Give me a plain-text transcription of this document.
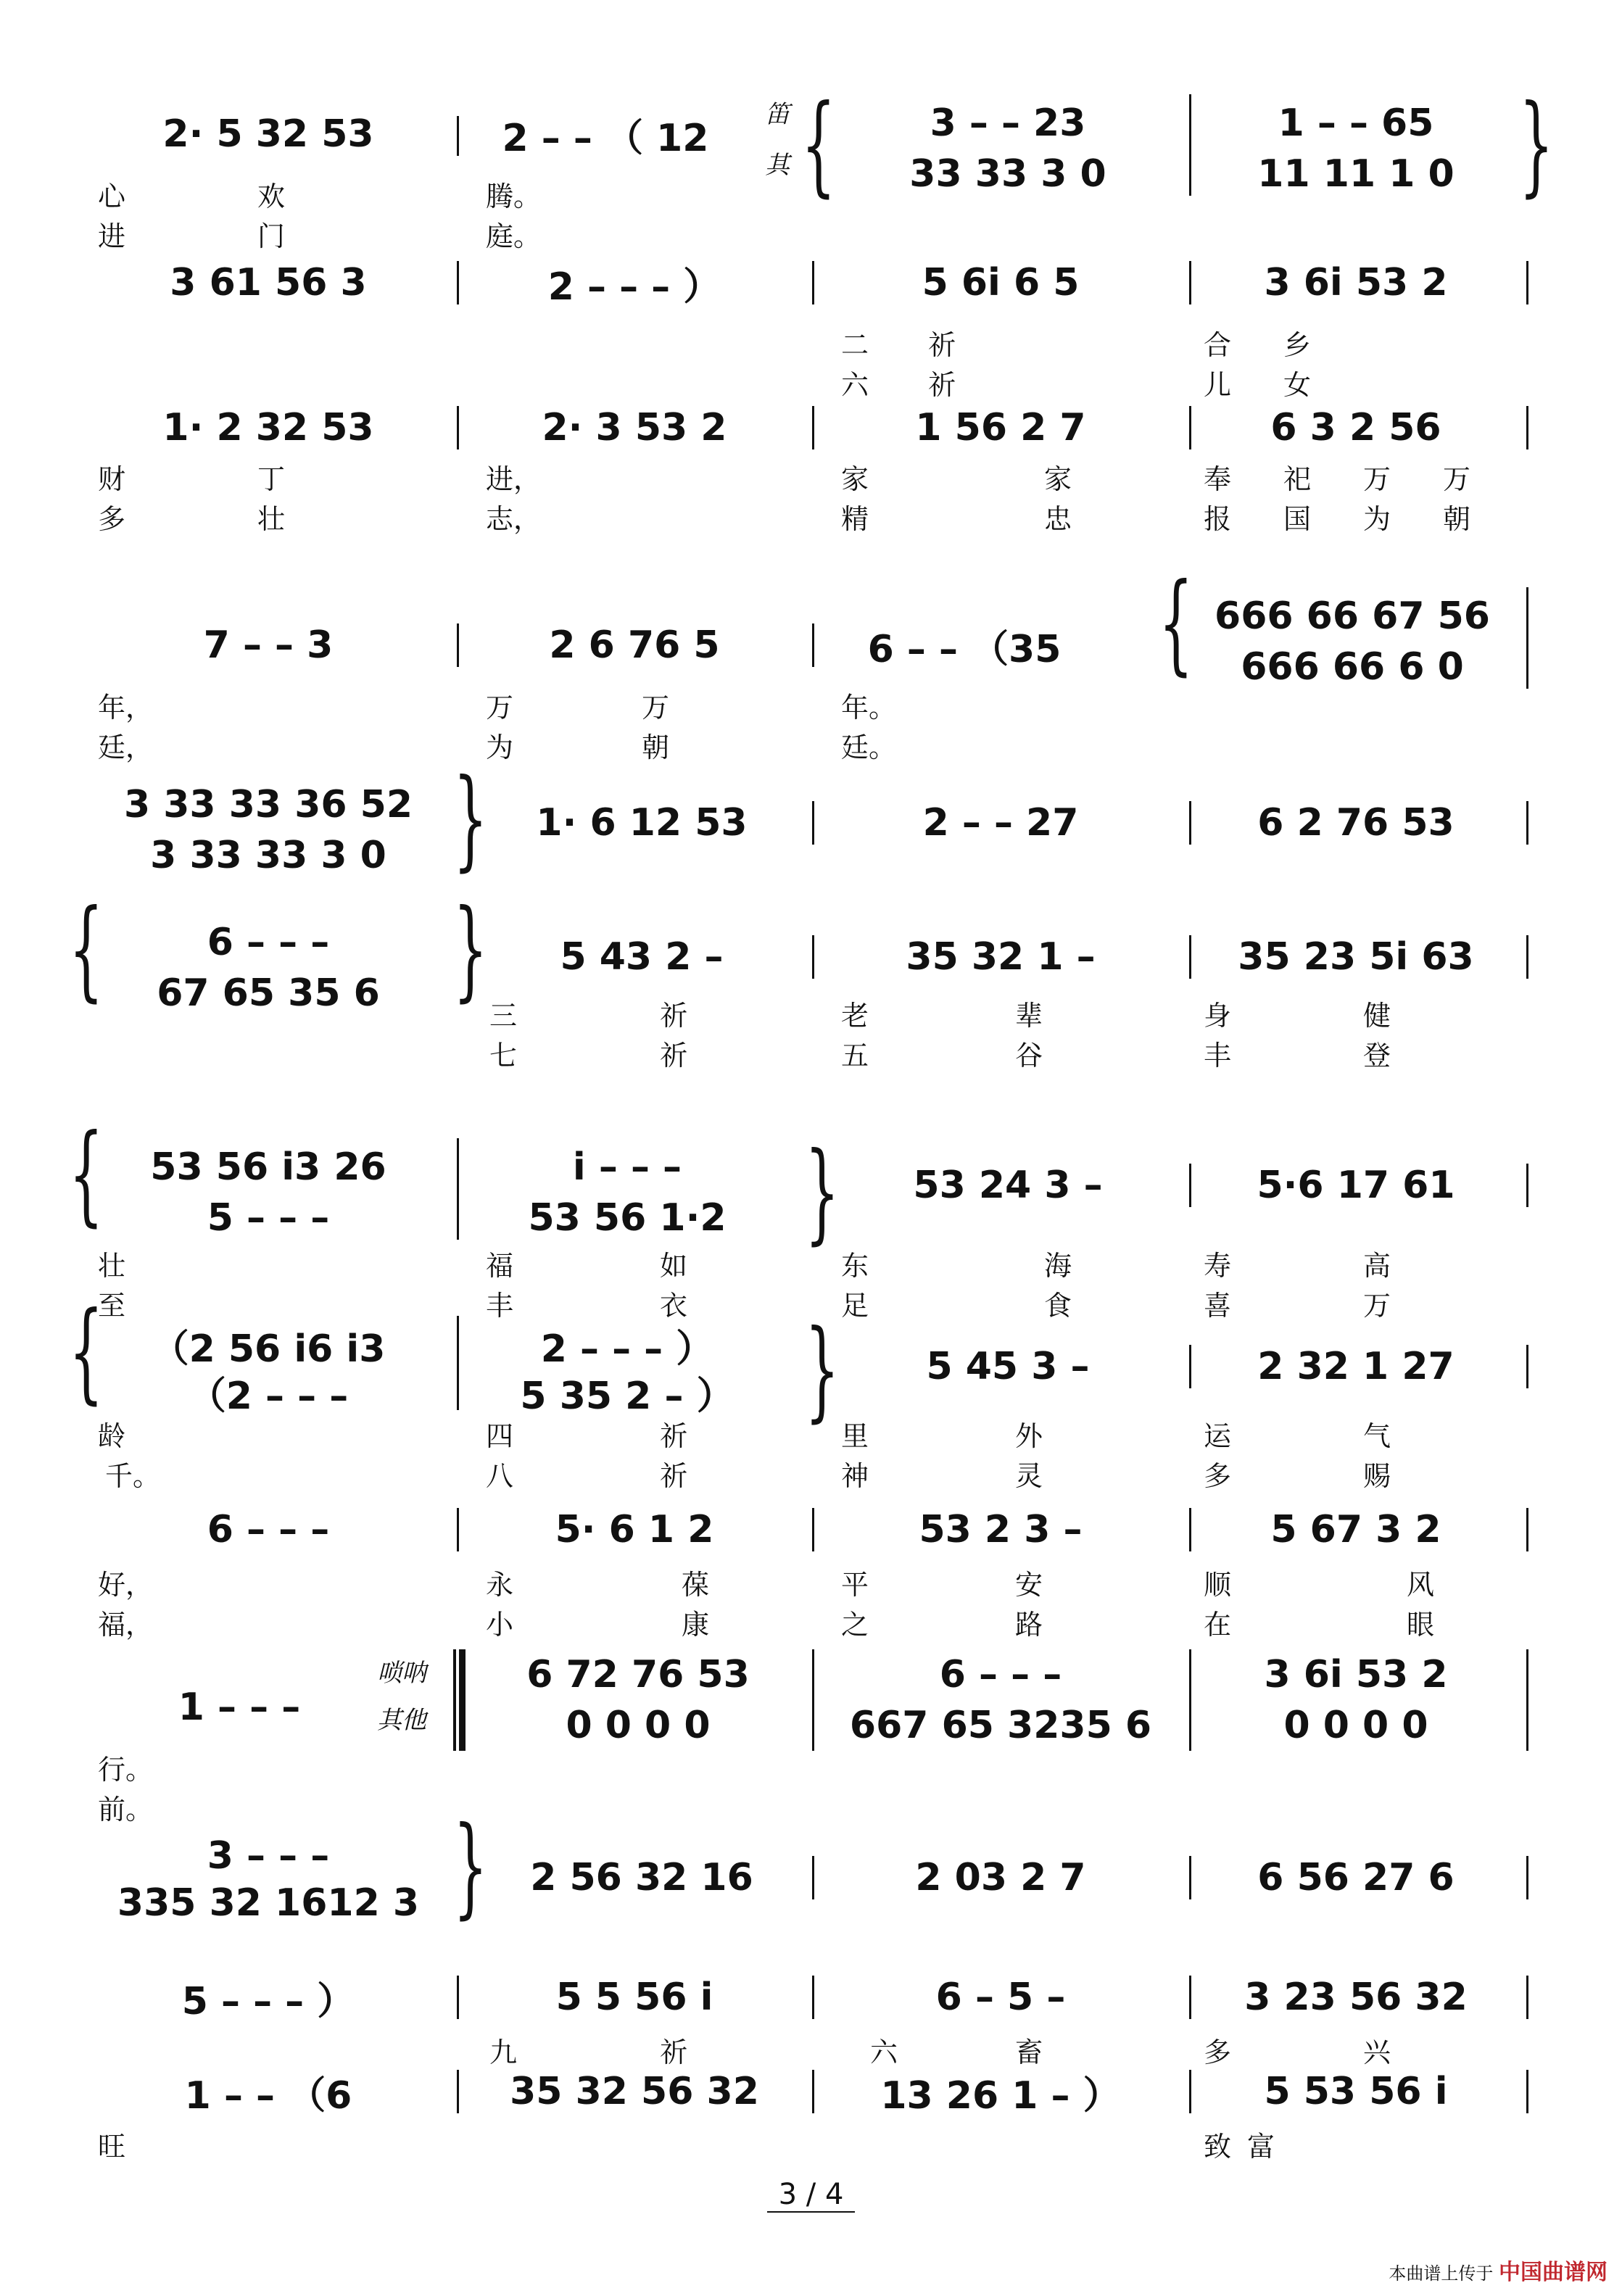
2· 5 32 53	2 – – （ 12
笛
其 {	3 – – 23	1 – – 65 }
33 33 3 0	11 11 1 0
心	欢	腾。
进	门	庭。
3 61 56 3	2 – – – ）	5 6i 6 5	3 6i 53 2
二 祈	合 乡
六 祈	儿 女
1· 2 32 53	2· 3 53 2	1 56 2 7	6 3 2 56
财	丁	进，	家	家	奉 祀 万 万
多	壮	志，	精	忠	报 国 为 朝
7 – – 3	2 6 76 5	6 – – （35 { 666 66 67 56
666 66 6 0
年，	万	万	年。
廷，	为	朝	廷。
3 33 33 36 52
3 33 33 3 0 }	1· 6 12 53	2 – – 27	6 2 76 53
{	6 – – –
67 65 35 6 }	5 43 2 –	35 32 1 –	35 23 5i 63
三	祈	老	辈	身	健
七	祈	五	谷	丰	登
{	53 56 i3 26
5 – – –
i – – –
53 56 1·2 }	53 24 3 –	5·6 17 61
壮	福	如	东	海	寿	高
至	丰	衣	足	食	喜	万
{	（2 56 i6 i3
（2 – – –
2 – – – ）
5 35 2 – ） }	5 45 3 –	2 32 1 27
龄	四	祈	里	外	运	气
千。	八	祈	神	灵	多	赐
6 – – –	5· 6 1 2	53 2 3 –	5 67 3 2
好，	永	葆	平	安	顺	风
福，	小	康	之	路	在	眼
1 – – –
唢呐
其他
6 72 76 53
0 0 0 0
6 – – –
667 65 3235 6
3 6i 53 2
0 0 0 0
行。
前。
3 – – –
335 32 1612 3 }	2 56 32 16	2 03 2 7	6 56 27 6
5 – – – ）	5 5 56 i	6 – 5 –	3 23 56 32
九	祈	六	畜	多	兴
1 – – （6	35 32 56 32	13 26 1 – ）	5 53 56 i
旺	致 富
3 / 4
本曲谱上传于 中国曲谱网
